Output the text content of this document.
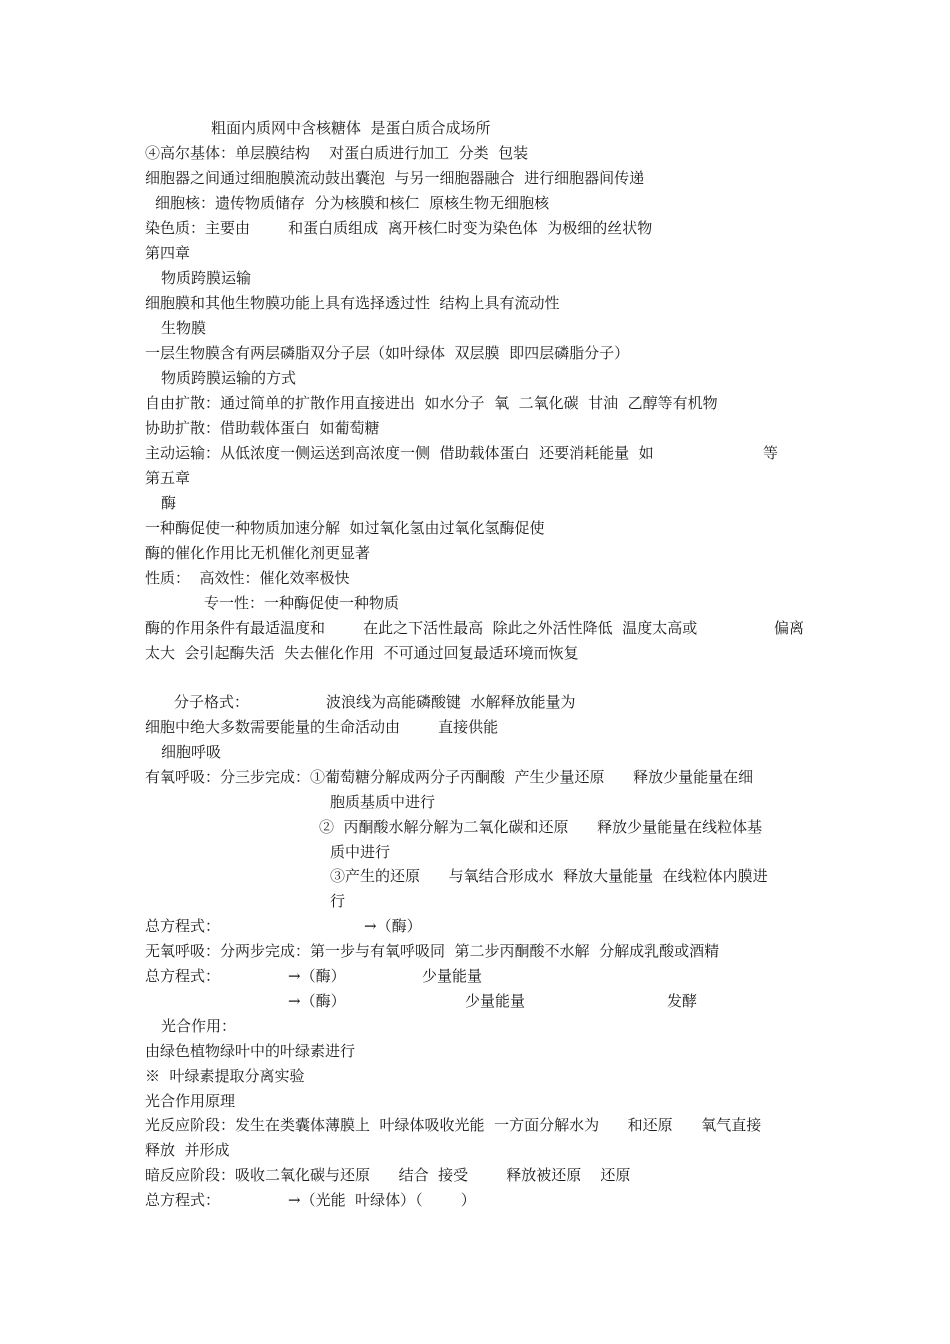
粗面内质网中含核糖体  是蛋白质合成场所

④高尔基体：单层膜结构    对蛋白质进行加工  分类  包装

细胞器之间通过细胞膜流动鼓出囊泡  与另一细胞器融合  进行细胞器间传递

细胞核：遗传物质储存  分为核膜和核仁  原核生物无细胞核

染色质：主要由        和蛋白质组成  离开核仁时变为染色体  为极细的丝状物

第四章

物质跨膜运输

细胞膜和其他生物膜功能上具有选择透过性  结构上具有流动性

生物膜

一层生物膜含有两层磷脂双分子层（如叶绿体  双层膜  即四层磷脂分子）

物质跨膜运输的方式

自由扩散：通过简单的扩散作用直接进出  如水分子  氧  二氧化碳  甘油  乙醇等有机物

协助扩散：借助载体蛋白  如葡萄糖

主动运输：从低浓度一侧运送到高浓度一侧  借助载体蛋白  还要消耗能量  如	等

第五章

酶

一种酶促使一种物质加速分解  如过氧化氢由过氧化氢酶促使

酶的催化作用比无机催化剂更显著

性质：  高效性：催化效率极快

专一性：一种酶促使一种物质

酶的作用条件有最适温度和        在此之下活性最高  除此之外活性降低  温度太高或	偏离

太大  会引起酶失活  失去催化作用  不可通过回复最适环境而恢复

分子格式：	波浪线为高能磷酸键  水解释放能量为

细胞中绝大多数需要能量的生命活动由        直接供能

细胞呼吸

有氧呼吸：分三步完成：①葡萄糖分解成两分子丙酮酸  产生少量还原      释放少量能量在细

胞质基质中进行

②  丙酮酸水解分解为二氧化碳和还原      释放少量能量在线粒体基

质中进行

③产生的还原      与氧结合形成水  释放大量能量  在线粒体内膜进

行

总方程式：	→（酶）

无氧呼吸：分两步完成：第一步与有氧呼吸同  第二步丙酮酸不水解  分解成乳酸或酒精

总方程式：	→（酶）	少量能量

→（酶）	少量能量	发酵

光合作用：

由绿色植物绿叶中的叶绿素进行

※  叶绿素提取分离实验

光合作用原理

光反应阶段：发生在类囊体薄膜上  叶绿体吸收光能  一方面分解水为      和还原      氧气直接

释放  并形成

暗反应阶段：吸收二氧化碳与还原      结合  接受        释放被还原    还原

总方程式：	→（光能  叶绿体）（        ）
